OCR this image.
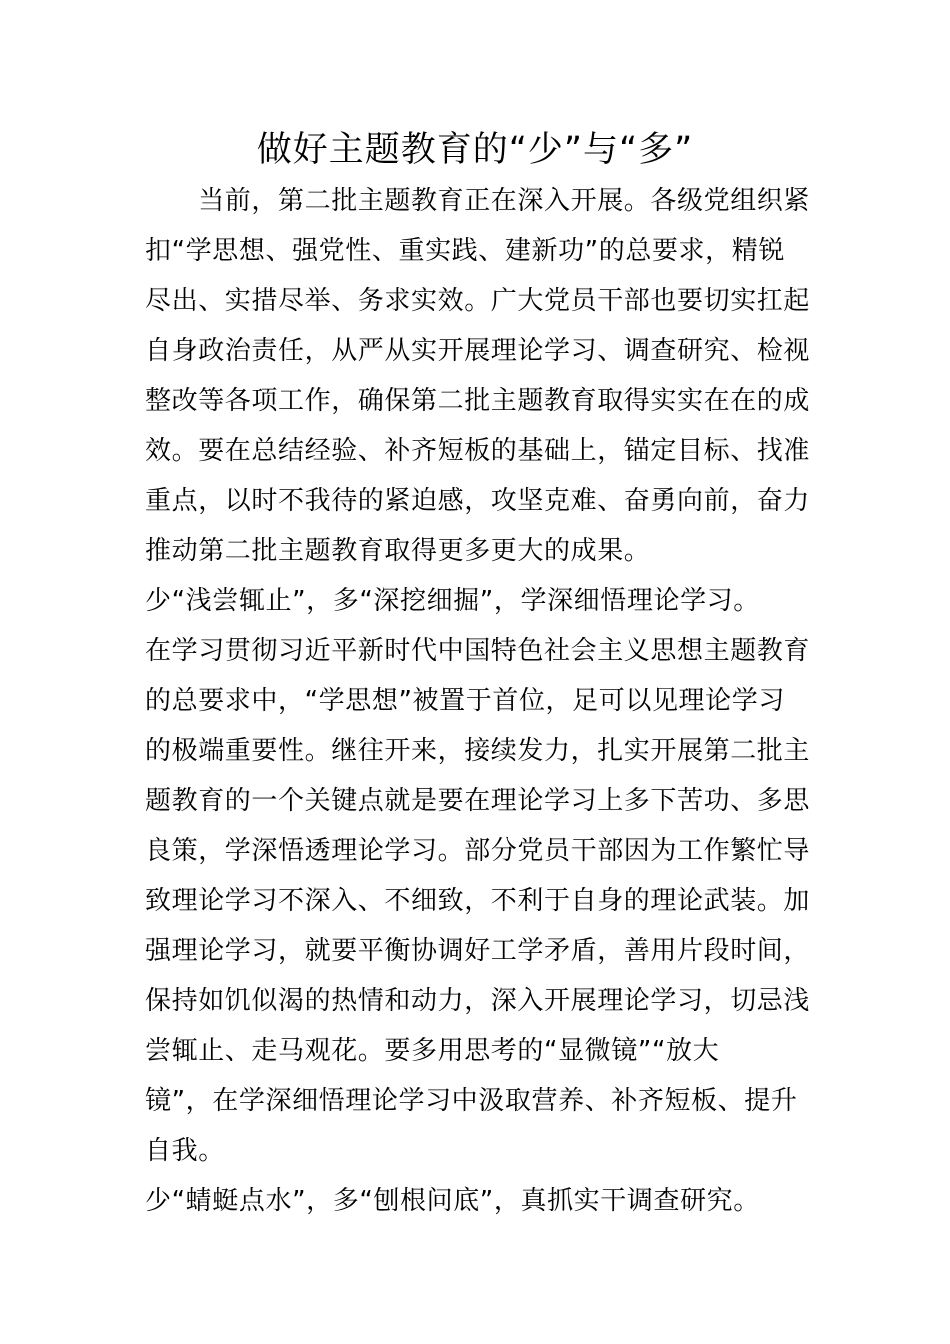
做好主题教育的“少”与“多”
　　当前，第二批主题教育正在深入开展。各级党组织紧
扣“学思想、强党性、重实践、建新功”的总要求，精锐
尽出、实措尽举、务求实效。广大党员干部也要切实扛起
自身政治责任，从严从实开展理论学习、调查研究、检视
整改等各项工作，确保第二批主题教育取得实实在在的成
效。要在总结经验、补齐短板的基础上，锚定目标、找准
重点，以时不我待的紧迫感，攻坚克难、奋勇向前，奋力
推动第二批主题教育取得更多更大的成果。
少“浅尝辄止”，多“深挖细掘”，学深细悟理论学习。
在学习贯彻习近平新时代中国特色社会主义思想主题教育
的总要求中，“学思想”被置于首位，足可以见理论学习
的极端重要性。继往开来，接续发力，扎实开展第二批主
题教育的一个关键点就是要在理论学习上多下苦功、多思
良策，学深悟透理论学习。部分党员干部因为工作繁忙导
致理论学习不深入、不细致，不利于自身的理论武装。加
强理论学习，就要平衡协调好工学矛盾，善用片段时间，
保持如饥似渴的热情和动力，深入开展理论学习，切忌浅
尝辄止、走马观花。要多用思考的“显微镜”“放大
镜”，在学深细悟理论学习中汲取营养、补齐短板、提升
自我。
少“蜻蜓点水”，多“刨根问底”，真抓实干调查研究。
